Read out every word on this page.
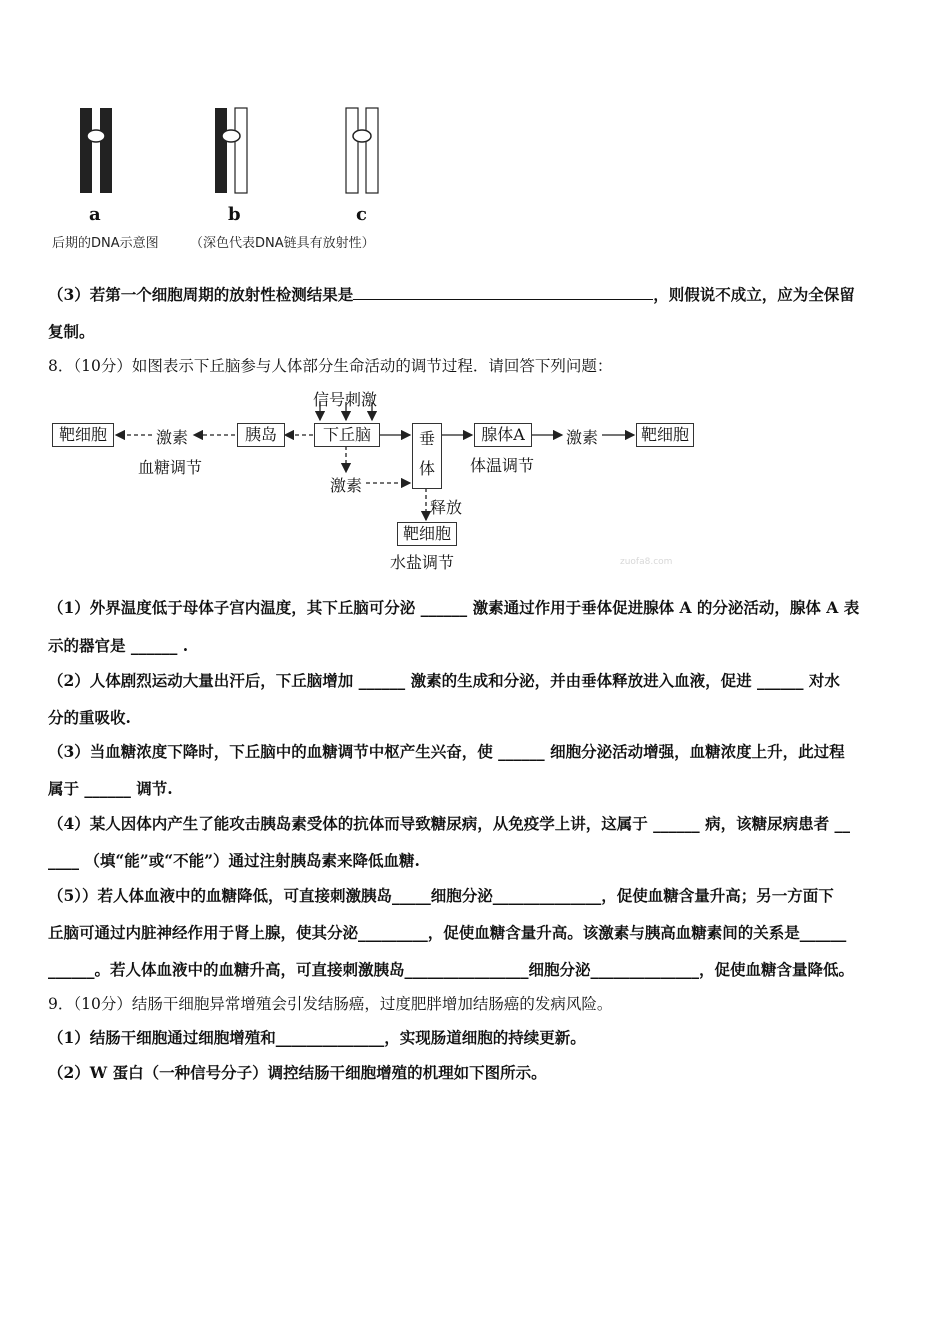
a	b	c
后期的DNA示意图 （深色代表DNA链具有放射性）
（3）若第一个细胞周期的放射性检测结果是	，则假说不成立，应为全保留
复制。
8．（10分）如图表示下丘脑参与人体部分生命活动的调节过程．请回答下列问题：
靶细胞	激素	胰岛	下丘脑
信号刺激
垂
体
腺体A	激素	靶细胞
激素
释放
靶细胞
血糖调节	体温调节
水盐调节	zuofa8.com
（1）外界温度低于母体子宫内温度，其下丘脑可分泌 ______ 激素通过作用于垂体促进腺体 A 的分泌活动，腺体 A 表
示的器官是 ______ .
（2）人体剧烈运动大量出汗后，下丘脑增加 ______ 激素的生成和分泌，并由垂体释放进入血液，促进 ______ 对水
分的重吸收.
（3）当血糖浓度下降时，下丘脑中的血糖调节中枢产生兴奋，使 ______ 细胞分泌活动增强，血糖浓度上升，此过程
属于 ______ 调节.
（4）某人因体内产生了能攻击胰岛素受体的抗体而导致糖尿病，从免疫学上讲，这属于 ______ 病，该糖尿病患者 __
____ （填“能”或“不能”）通过注射胰岛素来降低血糖.
（5））若人体血液中的血糖降低，可直接刺激胰岛_____细胞分泌______________，促使血糖含量升高；另一方面下
丘脑可通过内脏神经作用于肾上腺，使其分泌_________，促使血糖含量升高。该激素与胰高血糖素间的关系是______
______。若人体血液中的血糖升高，可直接刺激胰岛________________细胞分泌______________，促使血糖含量降低。
9．（10分）结肠干细胞异常增殖会引发结肠癌，过度肥胖增加结肠癌的发病风险。
（1）结肠干细胞通过细胞增殖和______________，实现肠道细胞的持续更新。
（2）W 蛋白（一种信号分子）调控结肠干细胞增殖的机理如下图所示。
